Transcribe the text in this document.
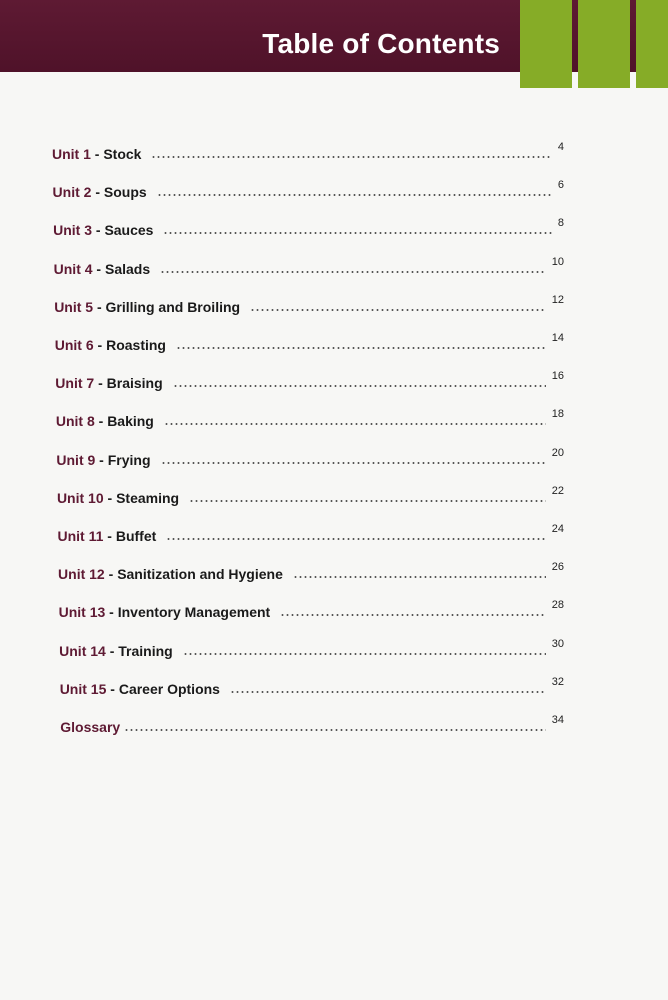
Table of Contents
Unit 1 - Stock	4
Unit 2 - Soups	6
Unit 3 - Sauces	8
Unit 4 - Salads	10
Unit 5 - Grilling and Broiling	12
Unit 6 - Roasting	14
Unit 7 - Braising	16
Unit 8 - Baking	18
Unit 9 - Frying	20
Unit 10 - Steaming	22
Unit 11 - Buffet	24
Unit 12 - Sanitization and Hygiene	26
Unit 13 - Inventory Management	28
Unit 14 - Training	30
Unit 15 - Career Options	32
Glossary	34
